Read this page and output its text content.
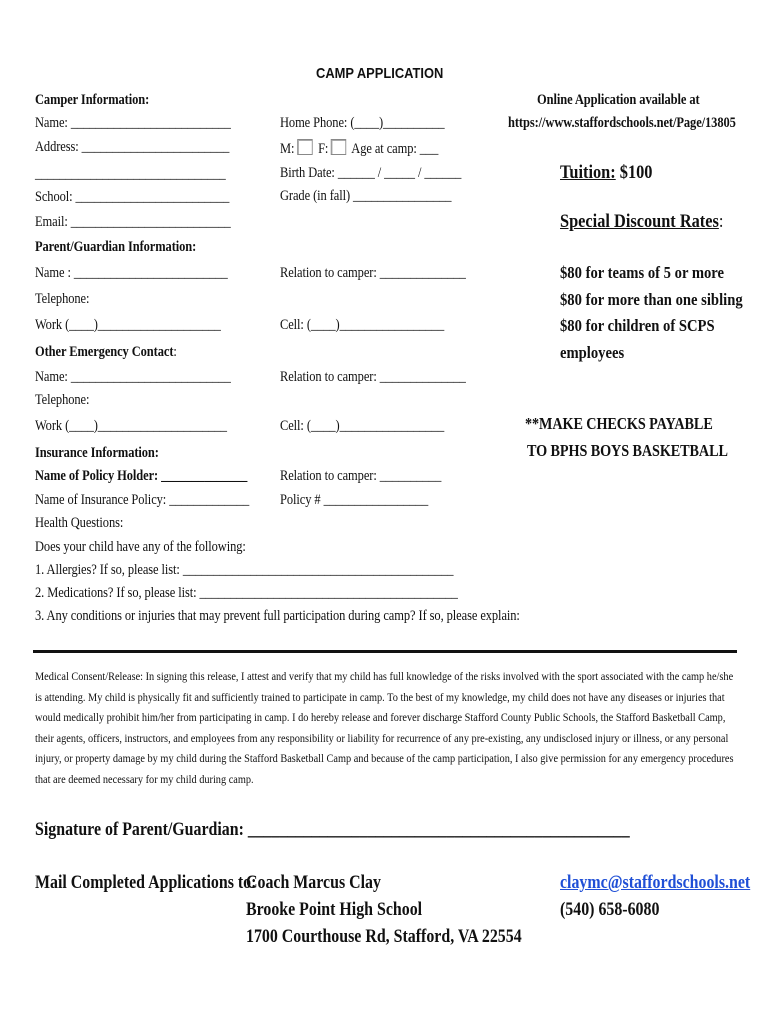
CAMP APPLICATION
Camper Information:
Name: __________________________
Address: ________________________
_______________________________
School: _________________________
Email: __________________________
Parent/Guardian Information:
Name : _________________________
Telephone:
Work (____)____________________
Other Emergency Contact:
Name: __________________________
Telephone:
Work (____)_____________________
Insurance Information:
Name of Policy Holder: ______________
Name of Insurance Policy: _____________
Health Questions:
Does your child have any of the following:
1. Allergies? If so, please list: ____________________________________________
2. Medications? If so, please list: __________________________________________
3. Any conditions or injuries that may prevent full participation during camp? If so, please explain:
Home Phone: (____)__________
M: F: Age at camp: ___
Birth Date: ______ / _____ / ______
Grade (in fall) ________________
Relation to camper: ______________
Cell: (____)_________________
Relation to camper: ______________
Cell: (____)_________________
Relation to camper: __________
Policy # _________________
Online Application available at
https://www.staffordschools.net/Page/13805
Tuition: $100
Special Discount Rates:
$80 for teams of 5 or more
$80 for more than one sibling
$80 for children of SCPS
employees
**MAKE CHECKS PAYABLE
TO BPHS BOYS BASKETBALL
Medical Consent/Release: In signing this release, I attest and verify that my child has full knowledge of the risks involved with the sport associated with the camp he/she is attending. My child is physically fit and sufficiently trained to participate in camp. To the best of my knowledge, my child does not have any diseases or injuries that would medically prohibit him/her from participating in camp. I do hereby release and forever discharge Stafford County Public Schools, the Stafford Basketball Camp, their agents, officers, instructors, and employees from any responsibility or liability for recurrence of any pre-existing, any undisclosed injury or illness, or any personal injury, or property damage by my child during the Stafford Basketball Camp and because of the camp participation, I also give permission for any emergency procedures that are deemed necessary for my child during camp.
Signature of Parent/Guardian: ________________________________________________
Mail Completed Applications to:
Coach Marcus Clay
Brooke Point High School
1700 Courthouse Rd, Stafford, VA 22554
claymc@staffordschools.net
(540) 658-6080
